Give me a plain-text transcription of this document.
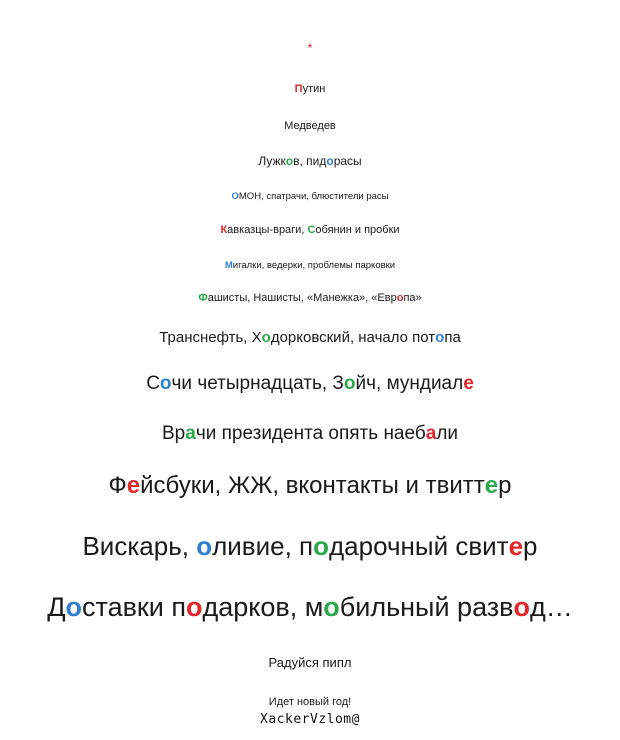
*
Путин
Медведев
Лужков, пидорасы
ОМОН, спатрачи, блюстители расы
Кавказцы-враги, Собянин и пробки
Мигалки, ведерки, проблемы парковки
Фашисты, Нашисты, «Манежка», «Европа»
Транснефть, Ходорковский, начало потопа
Сочи четырнадцать, Зойч, мундиале
Врачи президента опять наебали
Фейсбуки, ЖЖ, вконтакты и твиттер
Вискарь, оливие, подарочный свитер
Доставки подарков, мобильный развод…
Радуйся пипл
Идет новый год!
XackerVzlom@
